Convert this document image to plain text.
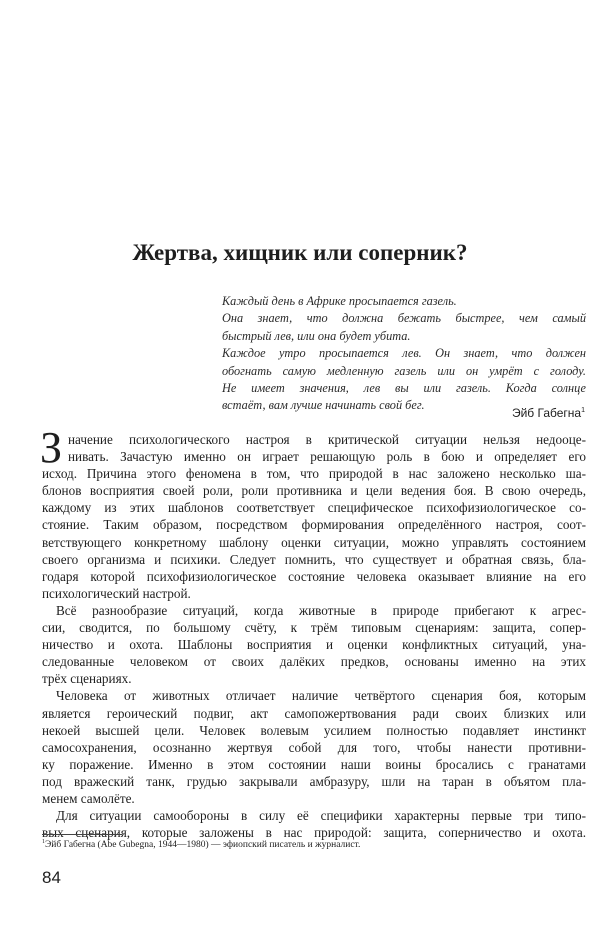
Жертва, хищник или соперник?
Каждый день в Африке просыпается газель.
Она знает, что должна бежать быстрее, чем самый
быстрый лев, или она будет убита.
Каждое утро просыпается лев. Он знает, что должен
обогнать самую медленную газель или он умрёт с голоду.
Не имеет значения, лев вы или газель. Когда солнце
встаёт, вам лучше начинать свой бег.
Эйб Габегна$^1$
З начение психологического настроя в критической ситуации нельзя недооце-
нивать. Зачастую именно он играет решающую роль в бою и определяет его
исход. Причина этого феномена в том, что природой в нас заложено несколько ша-
блонов восприятия своей роли, роли противника и цели ведения боя. В свою очередь,
каждому из этих шаблонов соответствует специфическое психофизиологическое со-
стояние. Таким образом, посредством формирования определённого настроя, соот-
ветствующего конкретному шаблону оценки ситуации, можно управлять состоянием
своего организма и психики. Следует помнить, что существует и обратная связь, бла-
годаря которой психофизиологическое состояние человека оказывает влияние на его
психологический настрой.
Всё разнообразие ситуаций, когда животные в природе прибегают к агрес-
сии, сводится, по большому счёту, к трём типовым сценариям: защита, сопер-
ничество и охота. Шаблоны восприятия и оценки конфликтных ситуаций, уна-
следованные человеком от своих далёких предков, основаны именно на этих
трёх сценариях.
Человека от животных отличает наличие четвёртого сценария боя, которым
является героический подвиг, акт самопожертвования ради своих близких или
некоей высшей цели. Человек волевым усилием полностью подавляет инстинкт
самосохранения, осознанно жертвуя собой для того, чтобы нанести противни-
ку поражение. Именно в этом состоянии наши воины бросались с гранатами
под вражеский танк, грудью закрывали амбразуру, шли на таран в объятом пла-
менем самолёте.
Для ситуации самообороны в силу её специфики характерны первые три типо-
вых сценария, которые заложены в нас природой: защита, соперничество и охота.
$^1$Эйб Габегна (Abe Gubegna, 1944—1980) — эфиопский писатель и журналист.
84
